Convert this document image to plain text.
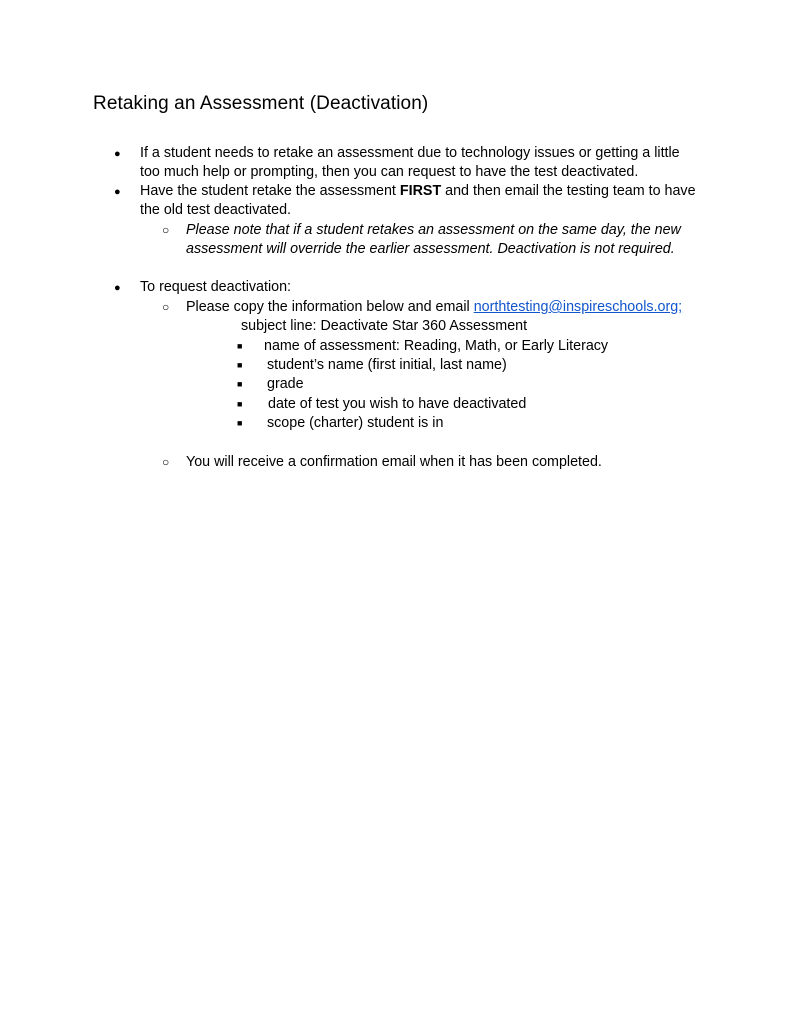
Retaking an Assessment (Deactivation)
● If a student needs to retake an assessment due to technology issues or getting a little
too much help or prompting, then you can request to have the test deactivated.
● Have the student retake the assessment FIRST and then email the testing team to have
the old test deactivated.
○ Please note that if a student retakes an assessment on the same day, the new
assessment will override the earlier assessment. Deactivation is not required.
● To request deactivation:
○ Please copy the information below and email northtesting@inspireschools.org;
subject line: Deactivate Star 360 Assessment
■ name of assessment: Reading, Math, or Early Literacy
■ student’s name (first initial, last name)
■ grade
■ date of test you wish to have deactivated
■ scope (charter) student is in
○ You will receive a confirmation email when it has been completed.
